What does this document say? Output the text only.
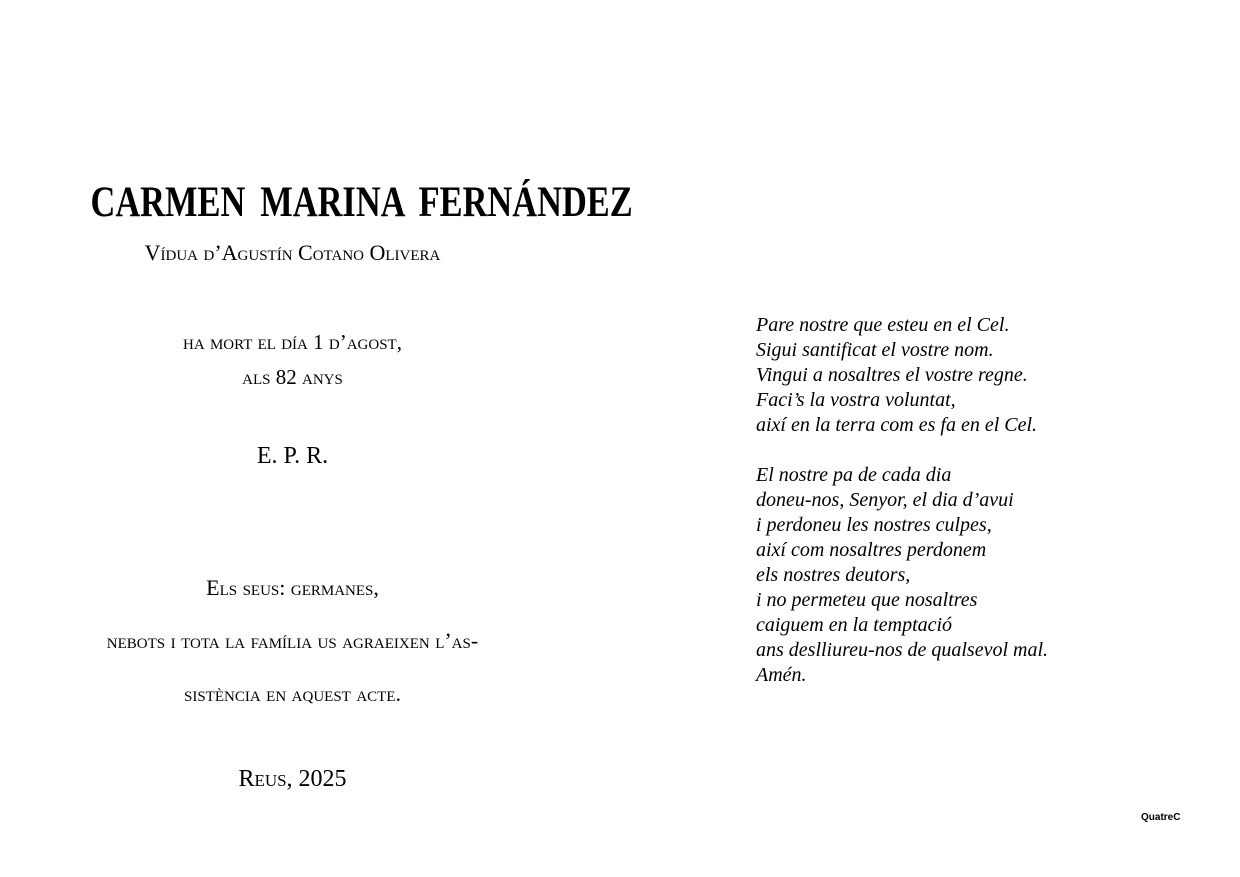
CARMEN MARINA FERNÁNDEZ
Vídua d’Agustín Cotano Olivera
ha mort el día 1 d’agost,
als 82 anys
E. P. R.
Els seus: germanes,
nebots i tota la família us agraeixen l’as-
sistència en aquest acte.
Reus, 2025
Pare nostre que esteu en el Cel.
Sigui santificat el vostre nom.
Vingui a nosaltres el vostre regne.
Faci’s la vostra voluntat,
així en la terra com es fa en el Cel.
El nostre pa de cada dia
doneu-nos, Senyor, el dia d’avui
i perdoneu les nostres culpes,
així com nosaltres perdonem
els nostres deutors,
i no permeteu que nosaltres
caiguem en la temptació
ans deslliureu-nos de qualsevol mal.
Amén.
QuatreC
